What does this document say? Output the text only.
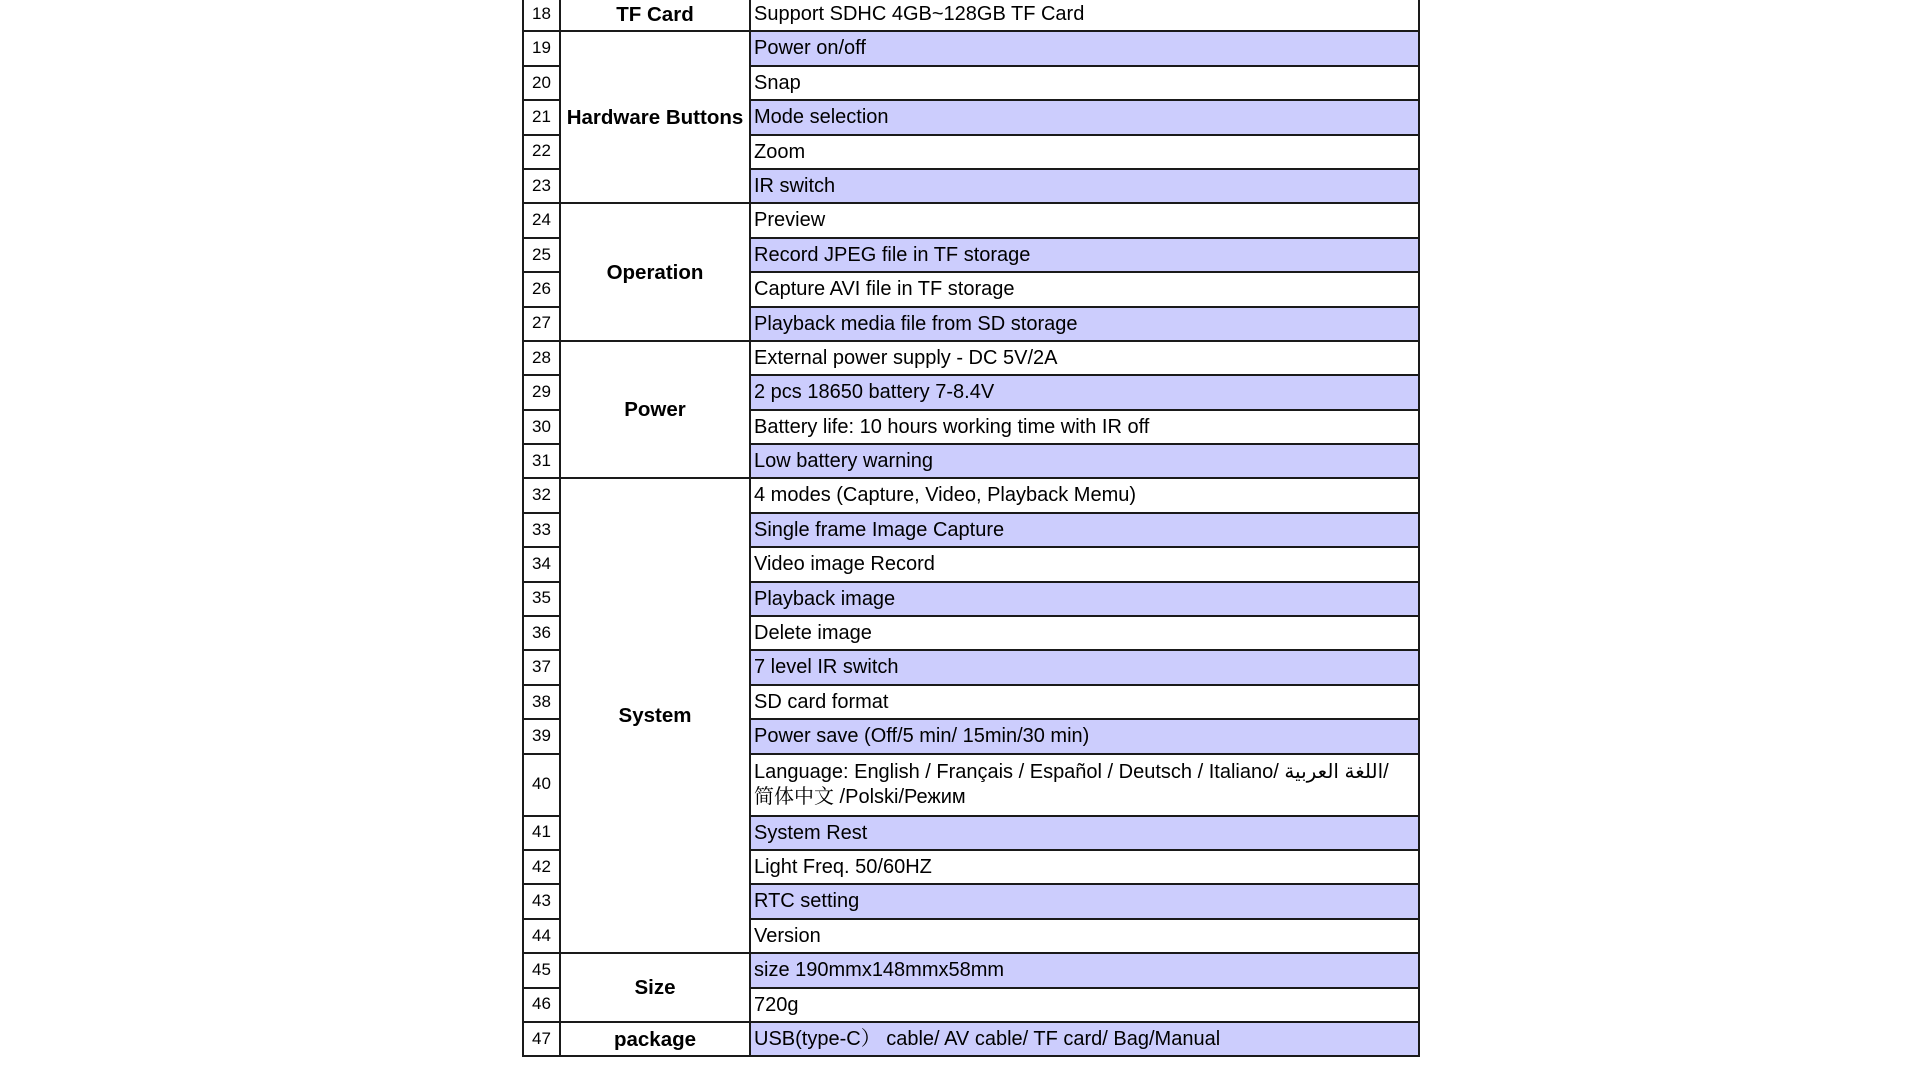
18	TF Card	Support SDHC 4GB~128GB TF Card
19	Hardware Buttons	Power on/off
20		Snap
21		Mode selection
22		Zoom
23		IR switch
24	Operation	Preview
25		Record JPEG file in TF storage
26		Capture AVI file in TF storage
27		Playback media file from SD storage
28	Power	External power supply - DC 5V/2A
29		2 pcs 18650 battery 7-8.4V
30		Battery life: 10 hours working time with IR off
31		Low battery warning
32	System	4 modes (Capture, Video, Playback Memu)
33		Single frame Image Capture
34		Video image Record
35		Playback image
36		Delete image
37		7 level IR switch
38		SD card format
39		Power save (Off/5 min/ 15min/30 min)
40		Language: English / Français / Español / Deutsch / Italiano/ اللغة العربية/ 简体中文 /Polski/Режим
41		System Rest
42		Light Freq. 50/60HZ
43		RTC setting
44		Version
45	Size	size 190mmx148mmx58mm
46		720g
47	package	USB(type-C） cable/ AV cable/ TF card/ Bag/Manual
